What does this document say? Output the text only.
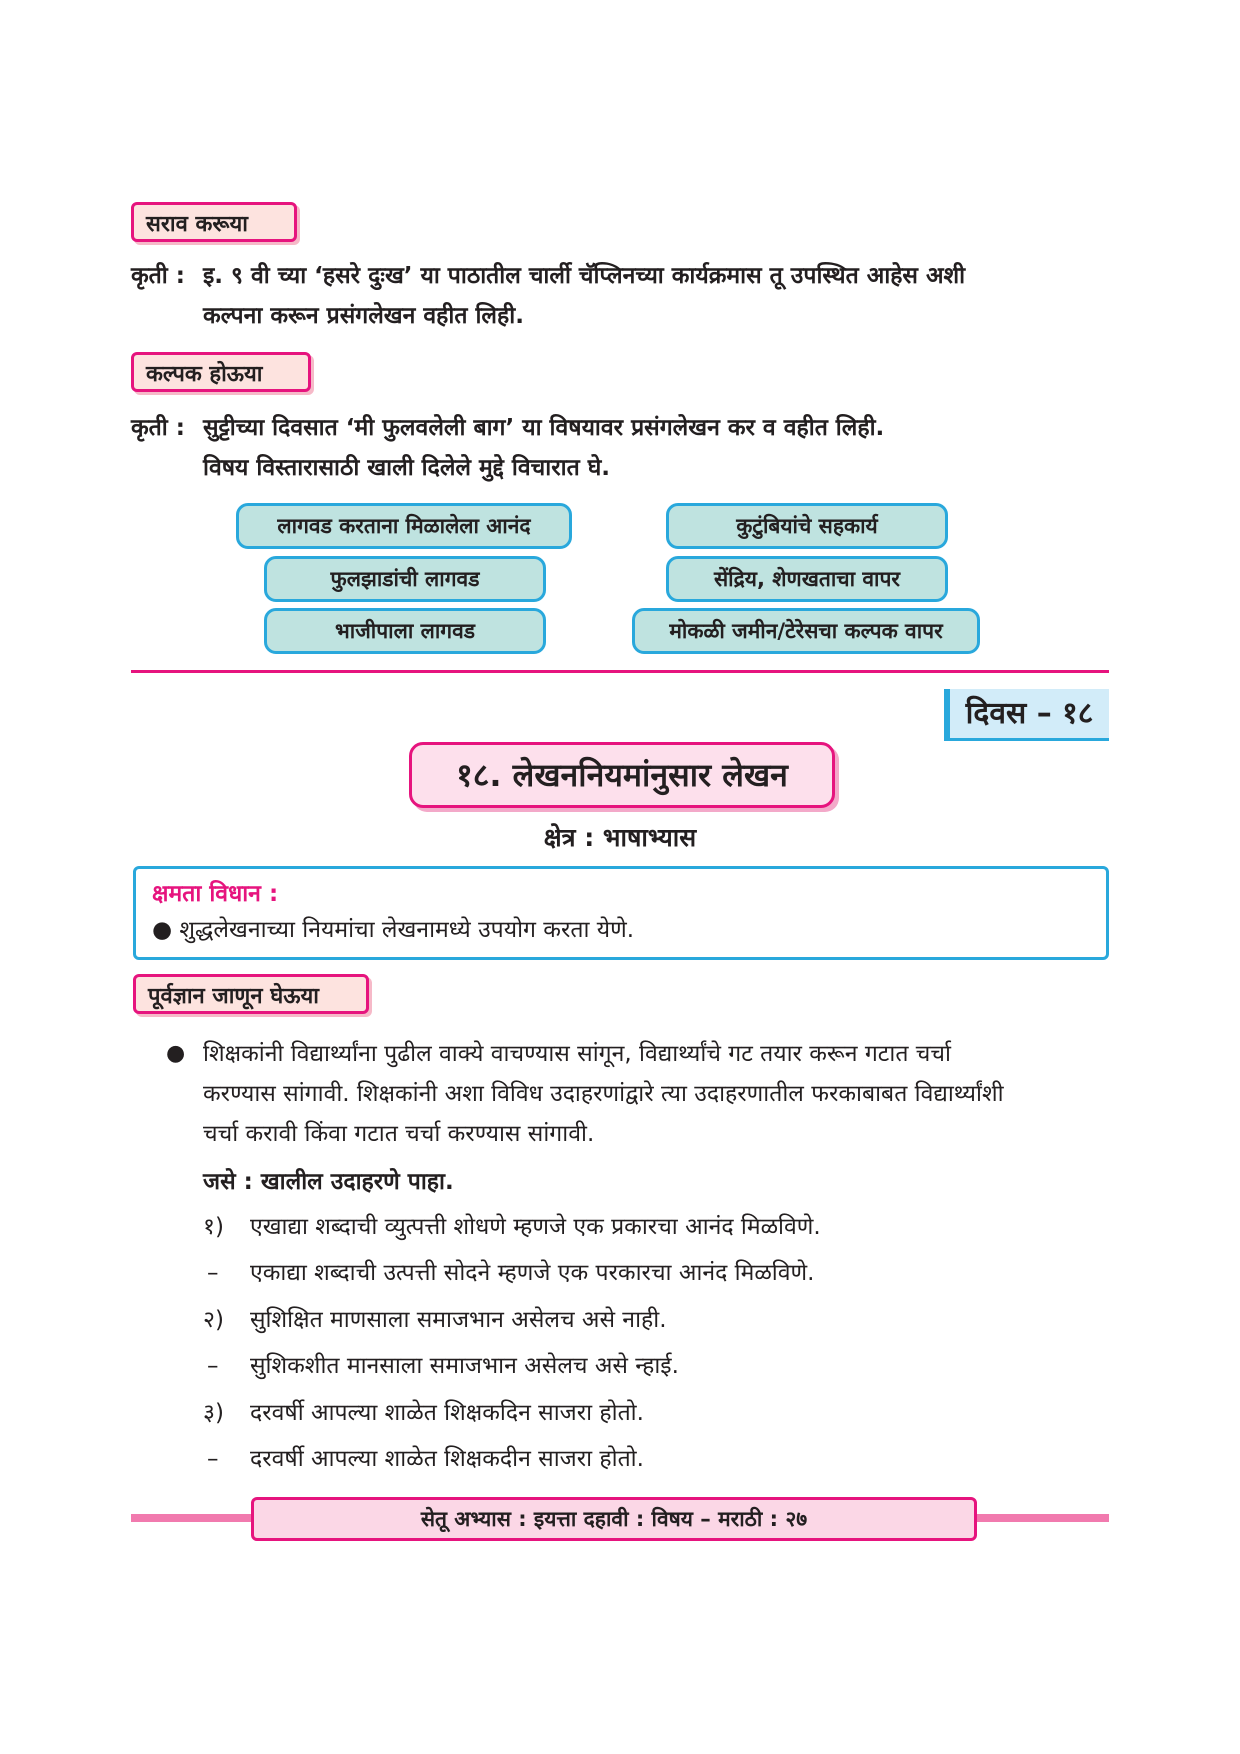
सराव करूया
कृती : इ. ९ वी च्या ‘हसरे दुःख’ या पाठातील चार्ली चॅप्लिनच्या कार्यक्रमास तू उपस्थित आहेस अशी
कल्पना करून प्रसंगलेखन वहीत लिही.
कल्पक होऊया
कृती : सुट्टीच्या दिवसात ‘मी फुलवलेली बाग’ या विषयावर प्रसंगलेखन कर व वहीत लिही.
विषय विस्तारासाठी खाली दिलेले मुद्दे विचारात घे.
लागवड करताना मिळालेला आनंद	कुटुंबियांचे सहकार्य
फुलझाडांची लागवड	सेंद्रिय, शेणखताचा वापर
भाजीपाला लागवड	मोकळी जमीन/टेरेसचा कल्पक वापर
दिवस – १८
१८. लेखननियमांनुसार लेखन
क्षेत्र : भाषाभ्यास
क्षमता विधान :
● शुद्धलेखनाच्या नियमांचा लेखनामध्ये उपयोग करता येणे.
पूर्वज्ञान जाणून घेऊया
● शिक्षकांनी विद्यार्थ्यांना पुढील वाक्ये वाचण्यास सांगून, विद्यार्थ्यांचे गट तयार करून गटात चर्चा
करण्यास सांगावी. शिक्षकांनी अशा विविध उदाहरणांद्वारे त्या उदाहरणातील फरकाबाबत विद्यार्थ्यांशी
चर्चा करावी किंवा गटात चर्चा करण्यास सांगावी.
जसे : खालील उदाहरणे पाहा.
१) एखाद्या शब्दाची व्युत्पत्ती शोधणे म्हणजे एक प्रकारचा आनंद मिळविणे.
– एकाद्या शब्दाची उत्पत्ती सोदने म्हणजे एक परकारचा आनंद मिळविणे.
२) सुशिक्षित माणसाला समाजभान असेलच असे नाही.
– सुशिकशीत मानसाला समाजभान असेलच असे न्हाई.
३) दरवर्षी आपल्या शाळेत शिक्षकदिन साजरा होतो.
– दरवर्षी आपल्या शाळेत शिक्षकदीन साजरा होतो.
सेतू अभ्यास : इयत्ता दहावी : विषय – मराठी : २७
